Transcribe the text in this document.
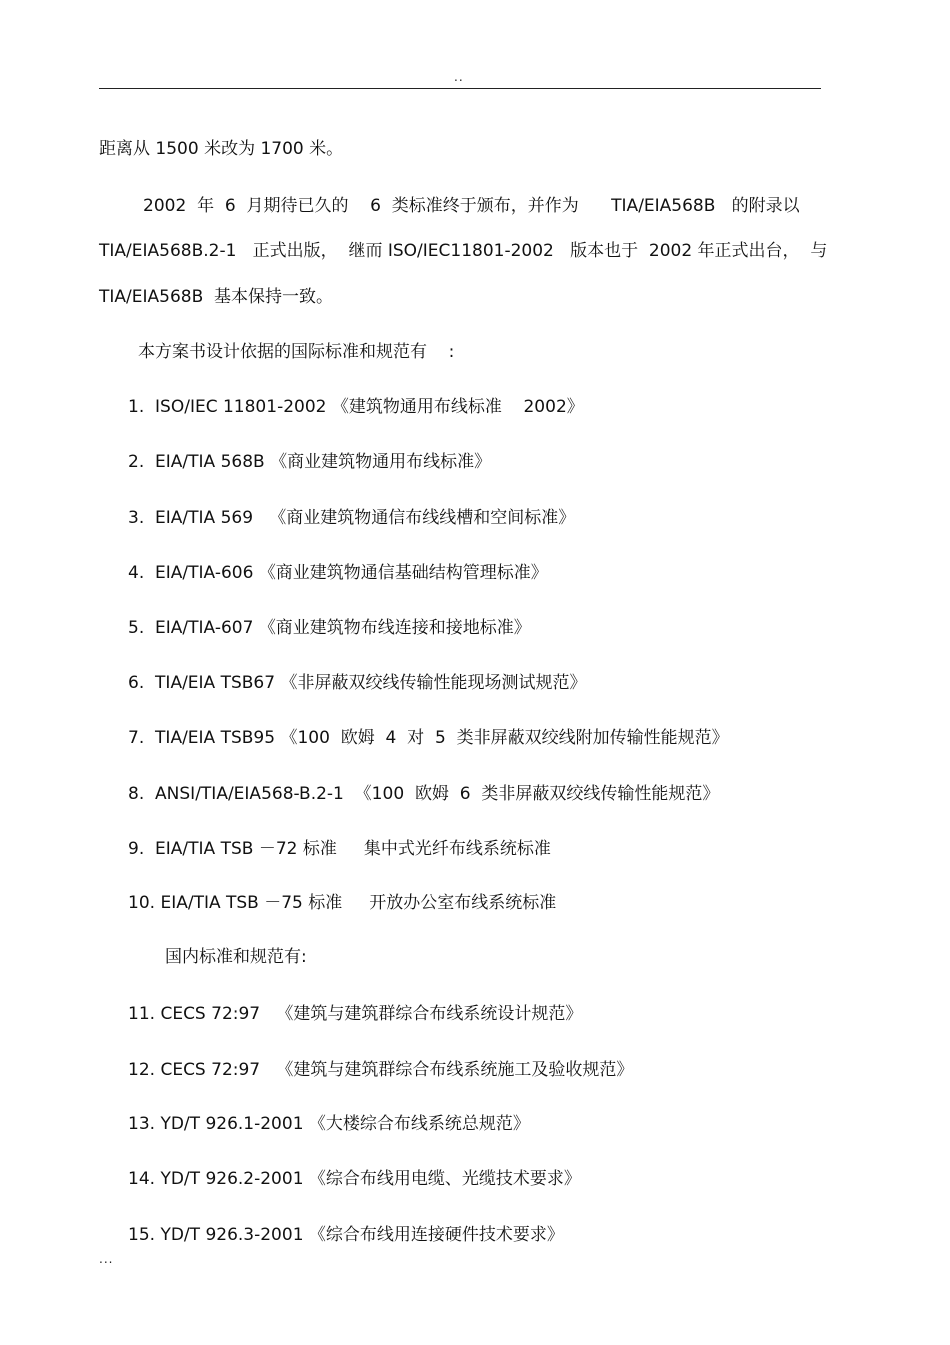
..
距离从 1500 米改为 1700 米。
2002  年  6  月期待已久的    6  类标准终于颁布，并作为      TIA/EIA568B   的附录以
TIA/EIA568B.2-1   正式出版，  继而 ISO/IEC11801-2002   版本也于  2002 年正式出台，  与
TIA/EIA568B  基本保持一致。
本方案书设计依据的国际标准和规范有    :
1. ISO/IEC 11801-2002 《建筑物通用布线标准    2002》
2. EIA/TIA 568B 《商业建筑物通用布线标准》
3. EIA/TIA 569   《商业建筑物通信布线线槽和空间标准》
4. EIA/TIA-606 《商业建筑物通信基础结构管理标准》
5. EIA/TIA-607 《商业建筑物布线连接和接地标准》
6. TIA/EIA TSB67 《非屏蔽双绞线传输性能现场测试规范》
7. TIA/EIA TSB95 《100  欧姆  4  对  5  类非屏蔽双绞线附加传输性能规范》
8. ANSI/TIA/EIA568-B.2-1  《100  欧姆  6  类非屏蔽双绞线传输性能规范》
9. EIA/TIA TSB －72 标准     集中式光纤布线系统标准
10. EIA/TIA TSB －75 标准     开放办公室布线系统标准
国内标准和规范有:
11. CECS 72:97   《建筑与建筑群综合布线系统设计规范》
12. CECS 72:97   《建筑与建筑群综合布线系统施工及验收规范》
13. YD/T 926.1-2001 《大楼综合布线系统总规范》
14. YD/T 926.2-2001 《综合布线用电缆、光缆技术要求》
15. YD/T 926.3-2001 《综合布线用连接硬件技术要求》
...
